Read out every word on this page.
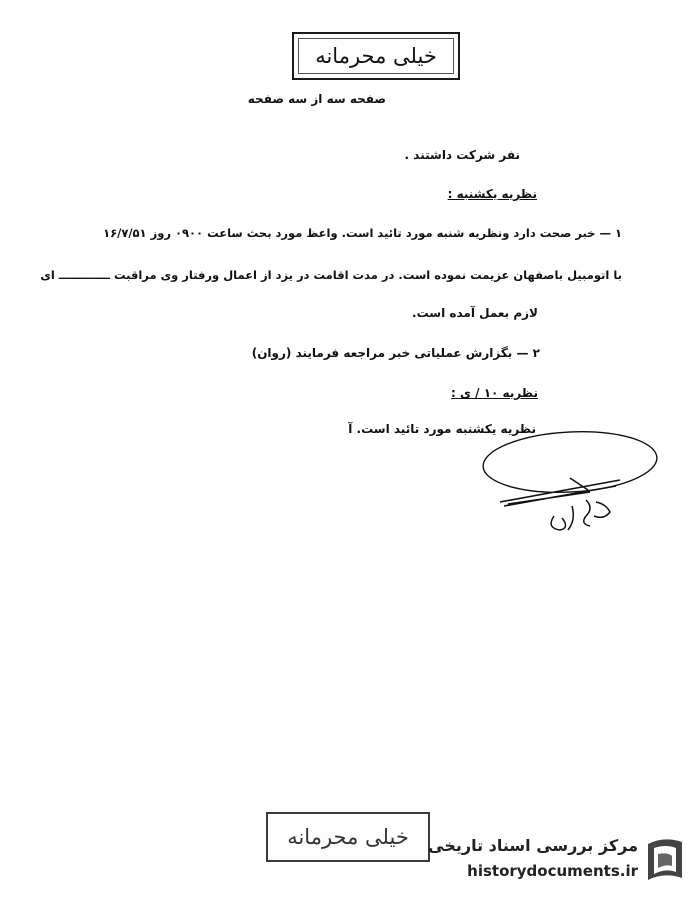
خیلی محرمانه
صفحه سه از سه صفحه
نفر شرکت داشتند .
نظریه یکشنبه :
۱ — خبر صحت دارد ونظریه شنبه مورد تائید است. واعظ مورد بحث ساعت ۰۹۰۰ روز ۱۶/۷/۵۱
با اتومبیل باصفهان عزیمت نموده است. در مدت اقامت در یزد از اعمال ورفتار وی مراقبت ـــــــــــــ ای
لازم بعمل آمده است.
۲ — بگزارش عملیاتی خبر مراجعه فرمایند (روان)
نظریه ۱۰ / ی :
نظریه یکشنبه مورد تائید است. آ
خیلی محرمانه مرکز بررسی اسناد تاریخی
historydocuments.ir
